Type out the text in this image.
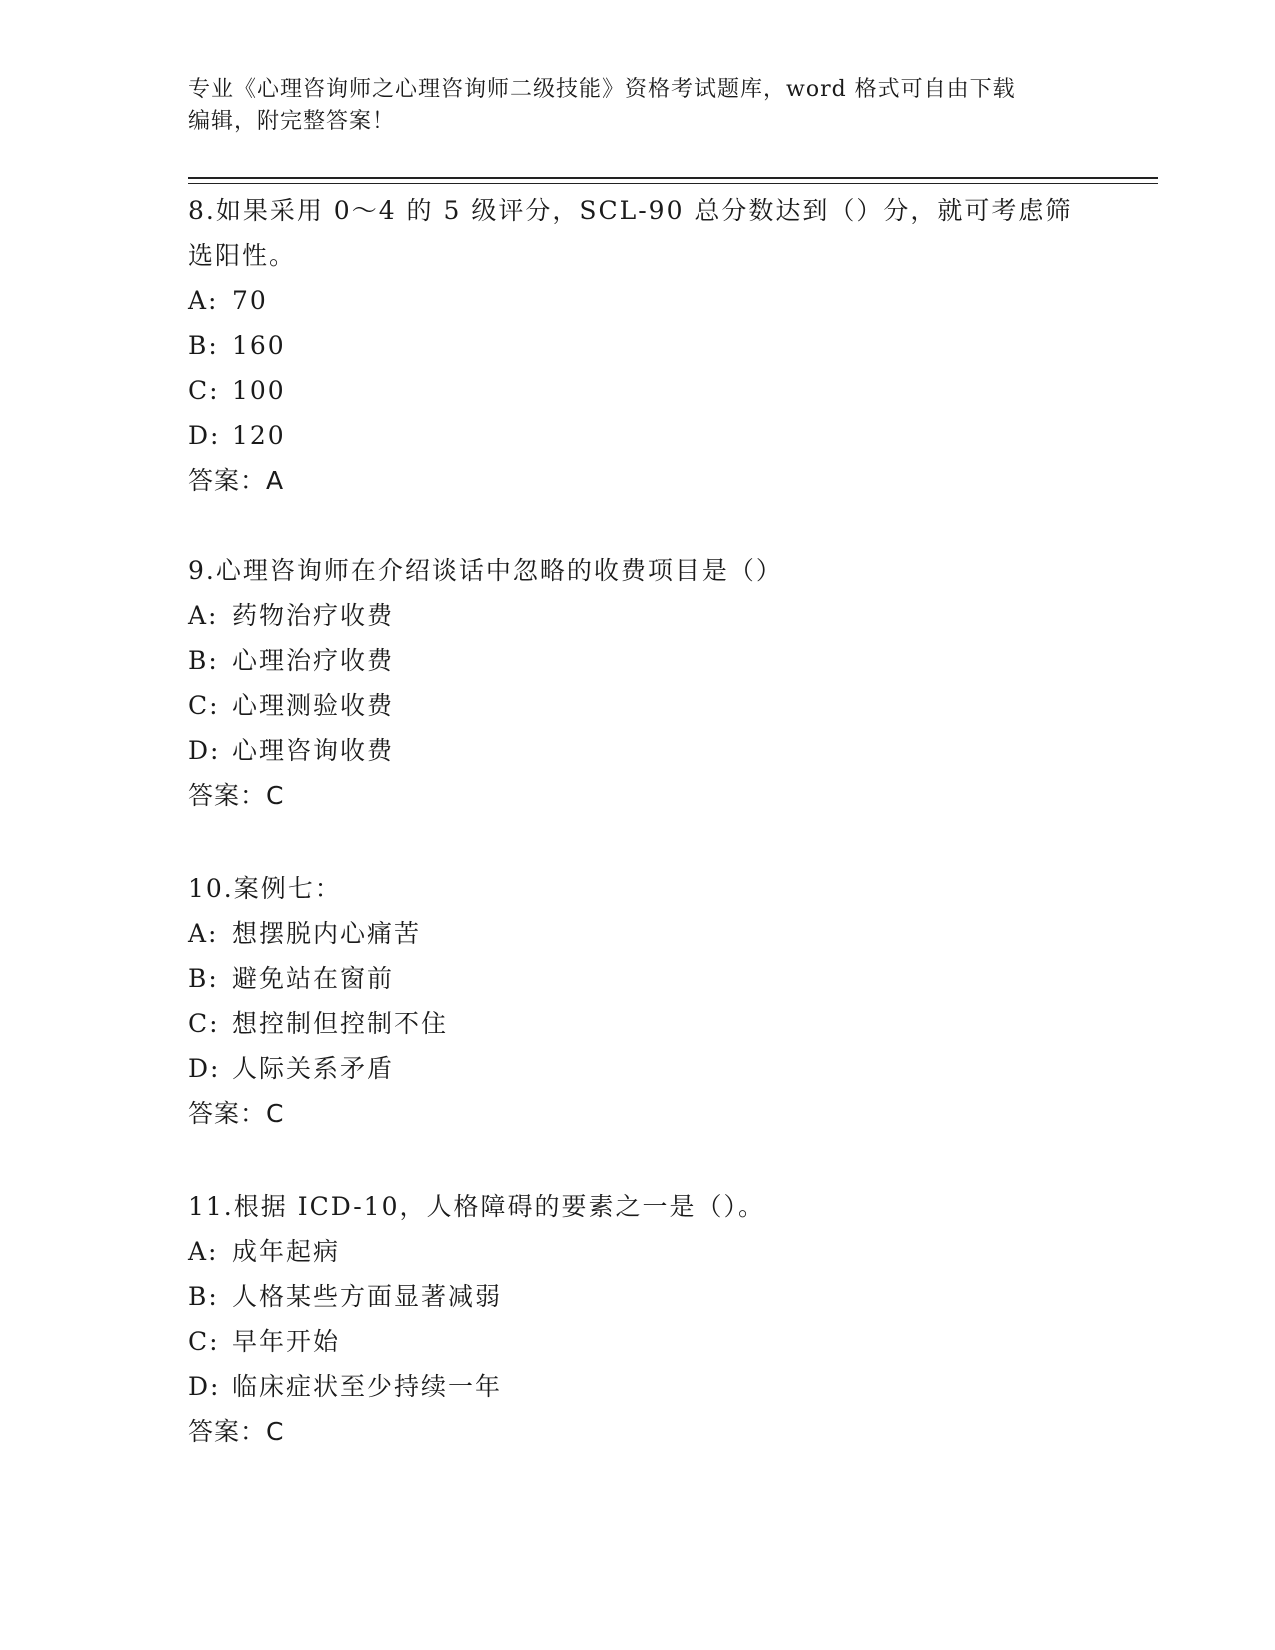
专业《心理咨询师之心理咨询师二级技能》资格考试题库，word 格式可自由下载
编辑，附完整答案！
8.如果采用 0～4 的 5 级评分，SCL-90 总分数达到（）分，就可考虑筛
选阳性。
A: 70
B: 160
C: 100
D: 120
答案：A
9.心理咨询师在介绍谈话中忽略的收费项目是（）
A: 药物治疗收费
B: 心理治疗收费
C: 心理测验收费
D: 心理咨询收费
答案：C
10.案例七：
A: 想摆脱内心痛苦
B: 避免站在窗前
C: 想控制但控制不住
D: 人际关系矛盾
答案：C
11.根据 ICD-10，人格障碍的要素之一是（）。
A: 成年起病
B: 人格某些方面显著减弱
C: 早年开始
D: 临床症状至少持续一年
答案：C
